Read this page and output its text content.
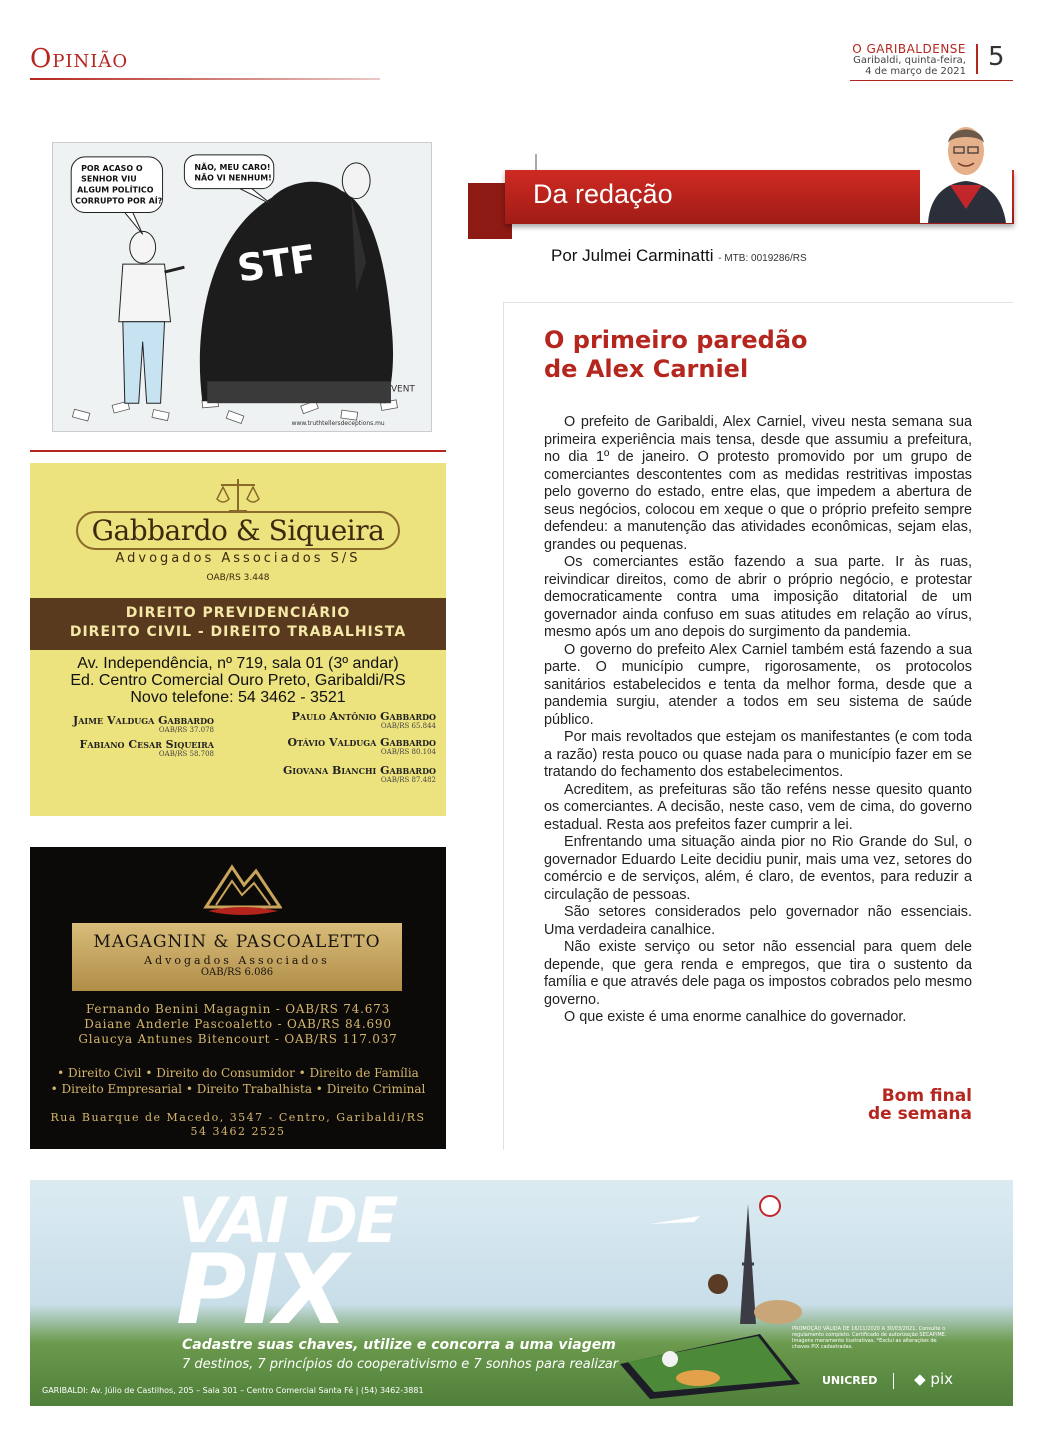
Opinião	O GARIBALDENSE
Garibaldi, quinta-feira,
4 de março de 2021 5
STF
POR ACASO O
SENHOR VIU
ALGUM POLÍTICO
CORRUPTO POR AÍ?
NÃO, MEU CARO!
NÃO VI NENHUM!
www.truthtellersdeceptions.mu
VENT
Gabbardo & Siqueira
Advogados Associados S/S
OAB/RS 3.448
DIREITO PREVIDENCIÁRIO
DIREITO CIVIL - DIREITO TRABALHISTA
Av. Independência, nº 719, sala 01 (3º andar)
Ed. Centro Comercial Ouro Preto, Garibaldi/RS
Novo telefone: 54 3462 - 3521
Jaime Valduga Gabbardo
OAB/RS 37.078
Paulo Antônio Gabbardo
OAB/RS 65.844
Fabiano Cesar Siqueira
OAB/RS 58.708
Otávio Valduga Gabbardo
OAB/RS 80.104
Giovana Bianchi Gabbardo
OAB/RS 87.482
MAGAGNIN & PASCOALETTO
Advogados Associados
OAB/RS 6.086
Fernando Benini Magagnin - OAB/RS 74.673
Daiane Anderle Pascoaletto - OAB/RS 84.690
Glaucya Antunes Bitencourt - OAB/RS 117.037
• Direito Civil • Direito do Consumidor • Direito de Família
• Direito Empresarial • Direito Trabalhista • Direito Criminal
Rua Buarque de Macedo, 3547 - Centro, Garibaldi/RS
54 3462 2525
Da redação
Por Julmei Carminatti - MTB: 0019286/RS
O primeiro paredão
de Alex Carniel

O prefeito de Garibaldi, Alex Carniel, viveu nesta semana sua primeira experiência mais tensa, desde que assumiu a prefeitura, no dia 1º de janeiro. O protesto promovido por um grupo de comerciantes descontentes com as medidas restritivas impostas pelo governo do estado, entre elas, que impedem a abertura de seus negócios, colocou em xeque o que o próprio prefeito sempre defendeu: a manutenção das atividades econômicas, sejam elas, grandes ou pequenas.

Os comerciantes estão fazendo a sua parte. Ir às ruas, reivindicar direitos, como de abrir o próprio negócio, e protestar democraticamente contra uma imposição ditatorial de um governador ainda confuso em suas atitudes em relação ao vírus, mesmo após um ano depois do surgimento da pandemia.

O governo do prefeito Alex Carniel também está fazendo a sua parte. O município cumpre, rigorosamente, os protocolos sanitários estabelecidos e tenta da melhor forma, desde que a pandemia surgiu, atender a todos em seu sistema de saúde público.

Por mais revoltados que estejam os manifestantes (e com toda a razão) resta pouco ou quase nada para o município fazer em se tratando do fechamento dos estabelecimentos.

Acreditem, as prefeituras são tão reféns nesse quesito quanto os comerciantes. A decisão, neste caso, vem de cima, do governo estadual. Resta aos prefeitos fazer cumprir a lei.

Enfrentando uma situação ainda pior no Rio Grande do Sul, o governador Eduardo Leite decidiu punir, mais uma vez, setores do comércio e de serviços, além, é claro, de eventos, para reduzir a circulação de pessoas.

São setores considerados pelo governador não essenciais. Uma verdadeira canalhice.

Não existe serviço ou setor não essencial para quem dele depende, que gera renda e empregos, que tira o sustento da família e que através dele paga os impostos cobrados pelo mesmo governo.

O que existe é uma enorme canalhice do governador.

Bom final
de semana
VAI DE
PIX
Cadastre suas chaves, utilize e concorra a uma viagem
7 destinos, 7 princípios do cooperativismo e 7 sonhos para realizar
GARIBALDI: Av. Júlio de Castilhos, 205 – Sala 301 – Centro Comercial Santa Fé | (54) 3462-3881
PROMOÇÃO VÁLIDA DE 16/11/2020 A 30/03/2021. Consulte o regulamento completo. Certificado de autorização SECAP/ME. Imagens meramente ilustrativas. *Exclui as alterações de chaves PIX cadastradas.
UNICRED ◆ pix
